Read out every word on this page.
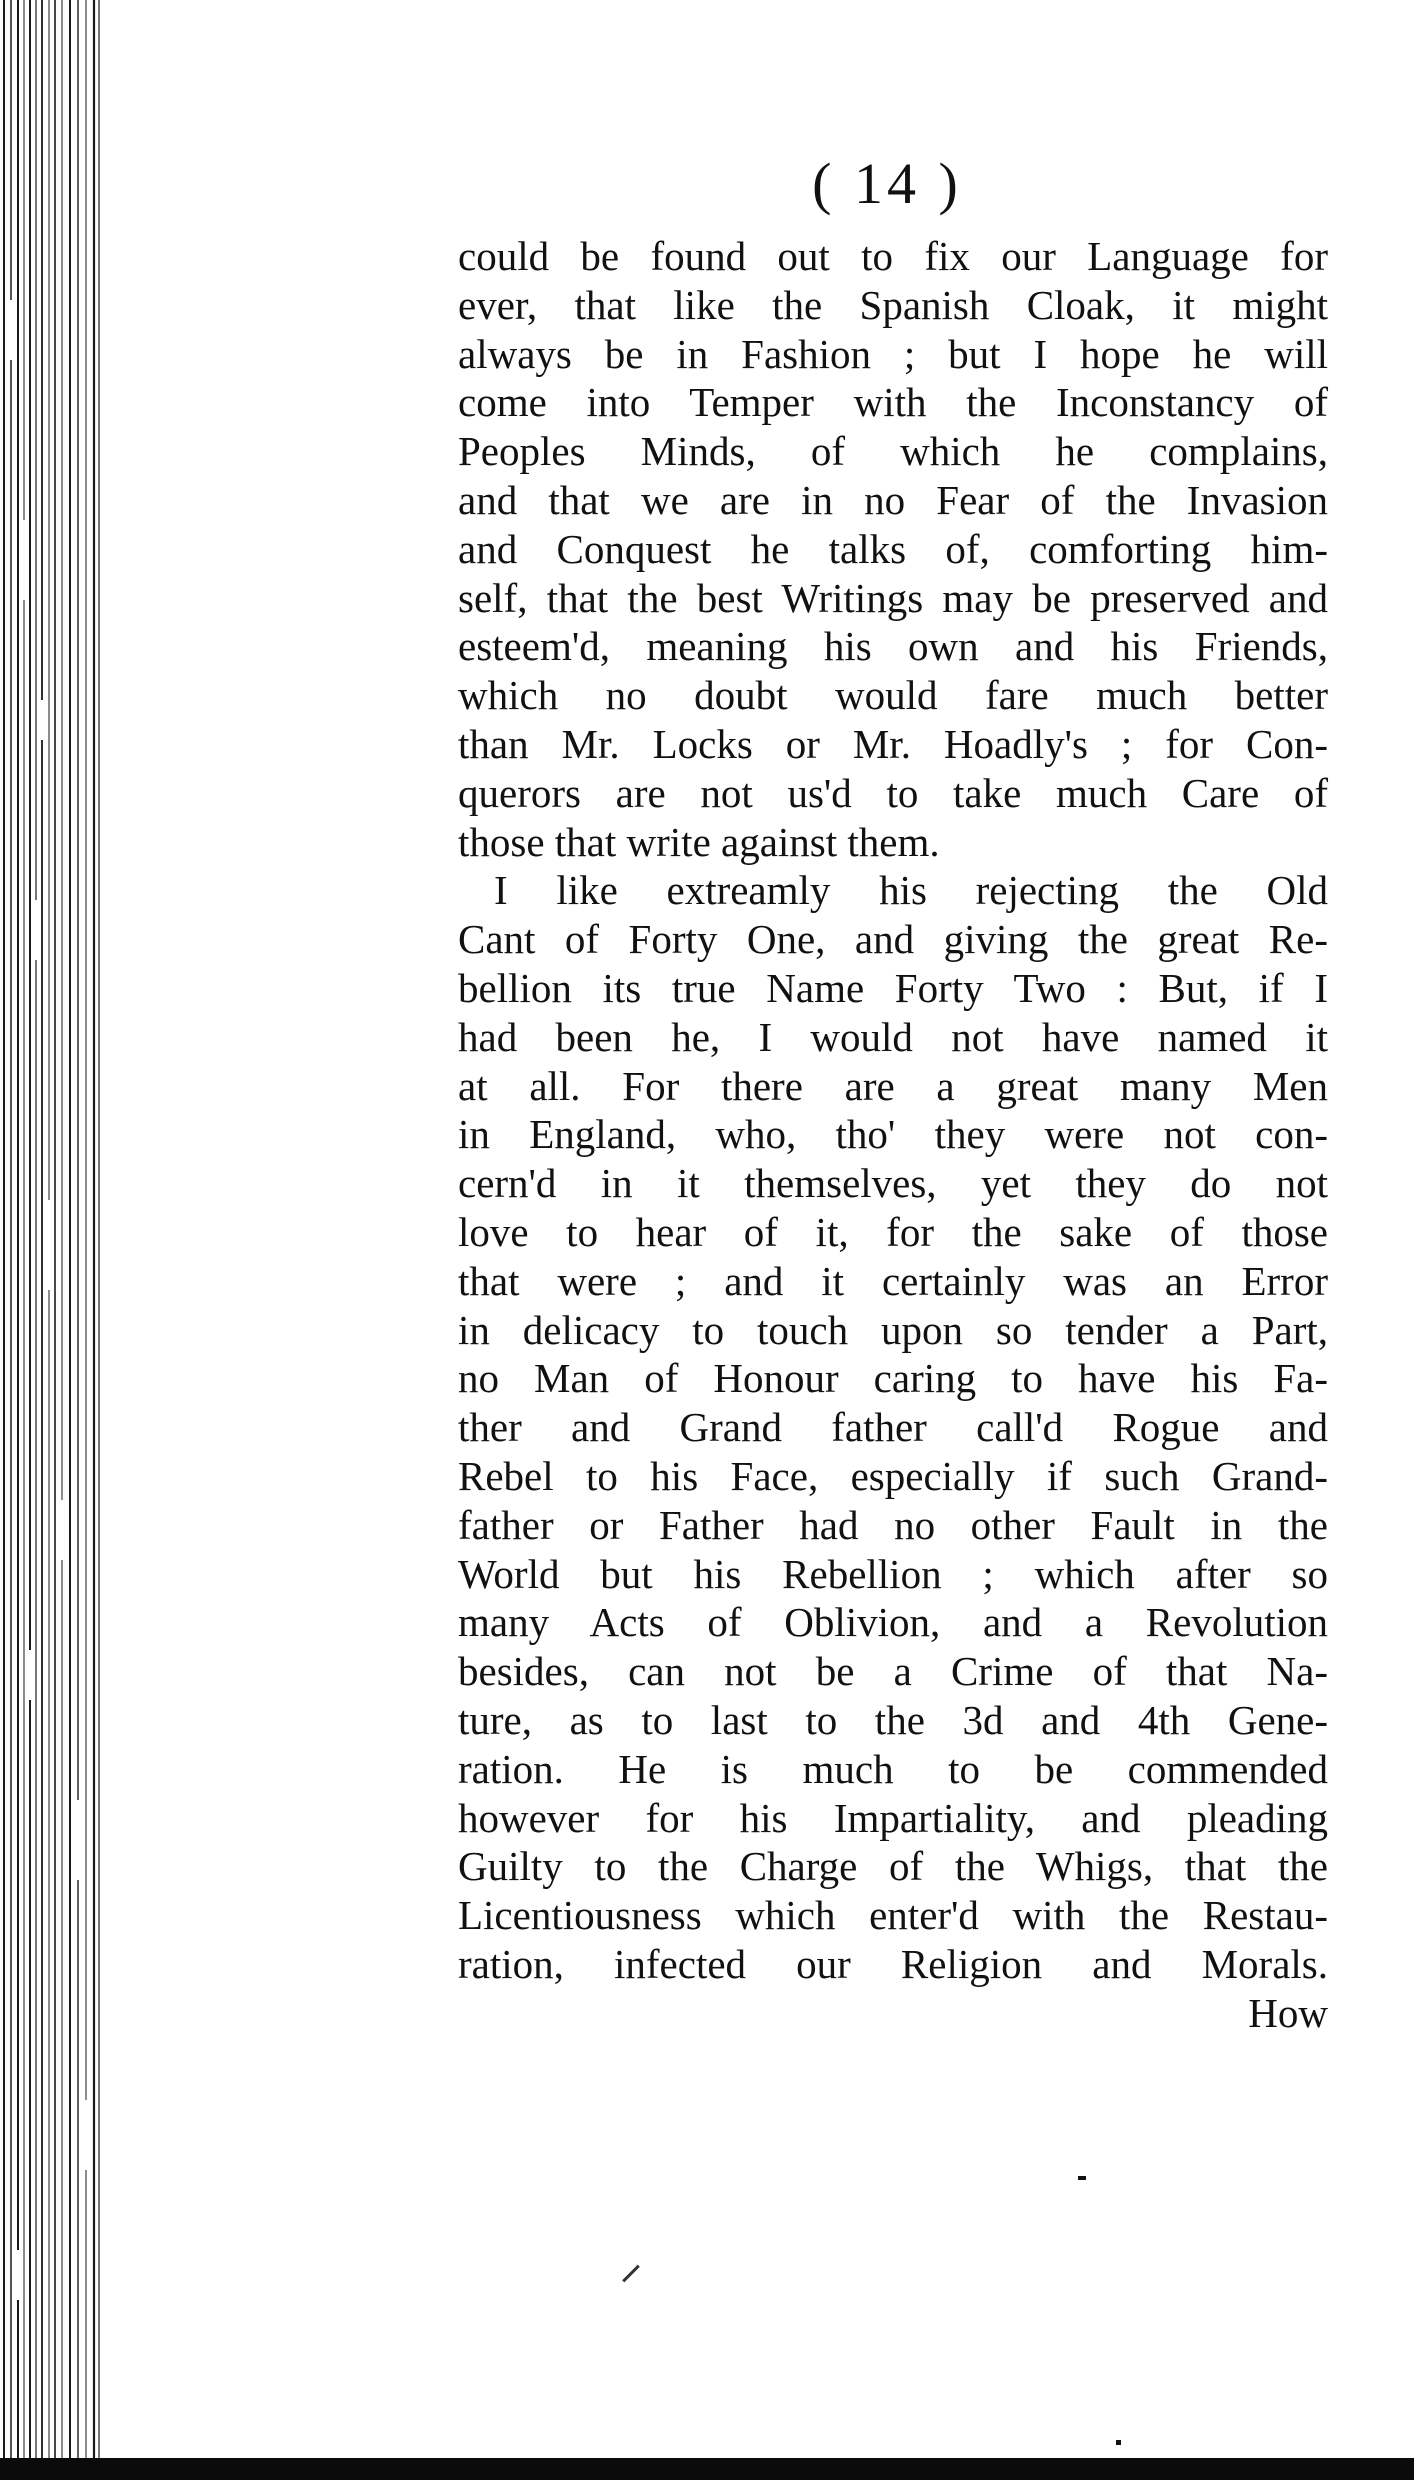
( 14 )
could be found out to fix our Language for
ever, that like the Spanish Cloak, it might
always be in Fashion ; but I hope he will
come into Temper with the Inconstancy of
Peoples Minds, of which he complains,
and that we are in no Fear of the Invasion
and Conquest he talks of, comforting him-
self, that the best Writings may be preserved and
esteem'd, meaning his own and his Friends,
which no doubt would fare much better
than Mr. Locks or Mr. Hoadly's ; for Con-
querors are not us'd to take much Care of
those that write against them.
I like extreamly his rejecting the Old
Cant of Forty One, and giving the great Re-
bellion its true Name Forty Two : But, if I
had been he, I would not have named it
at all. For there are a great many Men
in England, who, tho' they were not con-
cern'd in it themselves, yet they do not
love to hear of it, for the sake of those
that were ; and it certainly was an Error
in delicacy to touch upon so tender a Part,
no Man of Honour caring to have his Fa-
ther and Grand father call'd Rogue and
Rebel to his Face, especially if such Grand-
father or Father had no other Fault in the
World but his Rebellion ; which after so
many Acts of Oblivion, and a Revolution
besides, can not be a Crime of that Na-
ture, as to last to the 3d and 4th Gene-
ration. He is much to be commended
however for his Impartiality, and pleading
Guilty to the Charge of the Whigs, that the
Licentiousness which enter'd with the Restau-
ration, infected our Religion and Morals.
How
